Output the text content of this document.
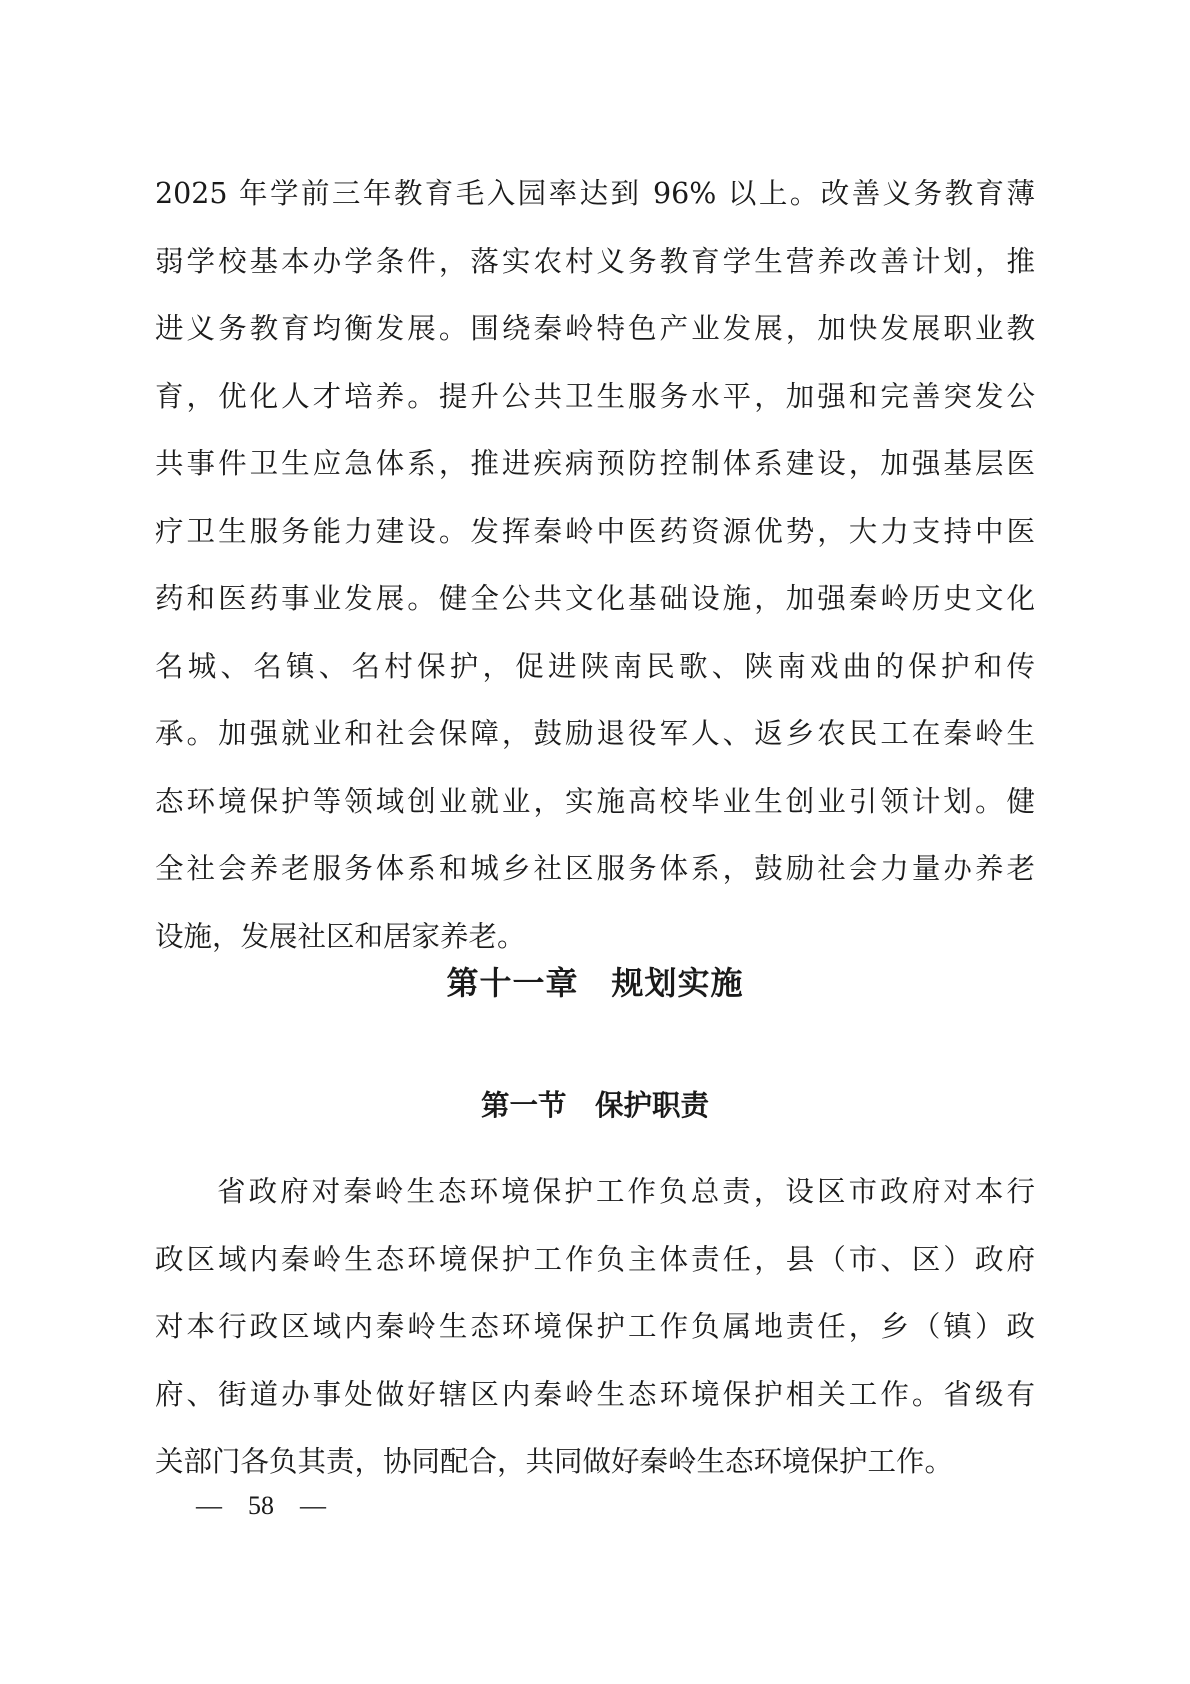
2025 年学前三年教育毛入园率达到 96% 以上。改善义务教育薄
弱学校基本办学条件，落实农村义务教育学生营养改善计划，推
进义务教育均衡发展。围绕秦岭特色产业发展，加快发展职业教
育，优化人才培养。提升公共卫生服务水平，加强和完善突发公
共事件卫生应急体系，推进疾病预防控制体系建设，加强基层医
疗卫生服务能力建设。发挥秦岭中医药资源优势，大力支持中医
药和医药事业发展。健全公共文化基础设施，加强秦岭历史文化
名城、名镇、名村保护，促进陕南民歌、陕南戏曲的保护和传
承。加强就业和社会保障，鼓励退役军人、返乡农民工在秦岭生
态环境保护等领域创业就业，实施高校毕业生创业引领计划。健
全社会养老服务体系和城乡社区服务体系，鼓励社会力量办养老
设施，发展社区和居家养老。
第十一章　规划实施
第一节　保护职责
省政府对秦岭生态环境保护工作负总责，设区市政府对本行
政区域内秦岭生态环境保护工作负主体责任，县（市、区）政府
对本行政区域内秦岭生态环境保护工作负属地责任，乡（镇）政
府、街道办事处做好辖区内秦岭生态环境保护相关工作。省级有
关部门各负其责，协同配合，共同做好秦岭生态环境保护工作。
—　58　—
